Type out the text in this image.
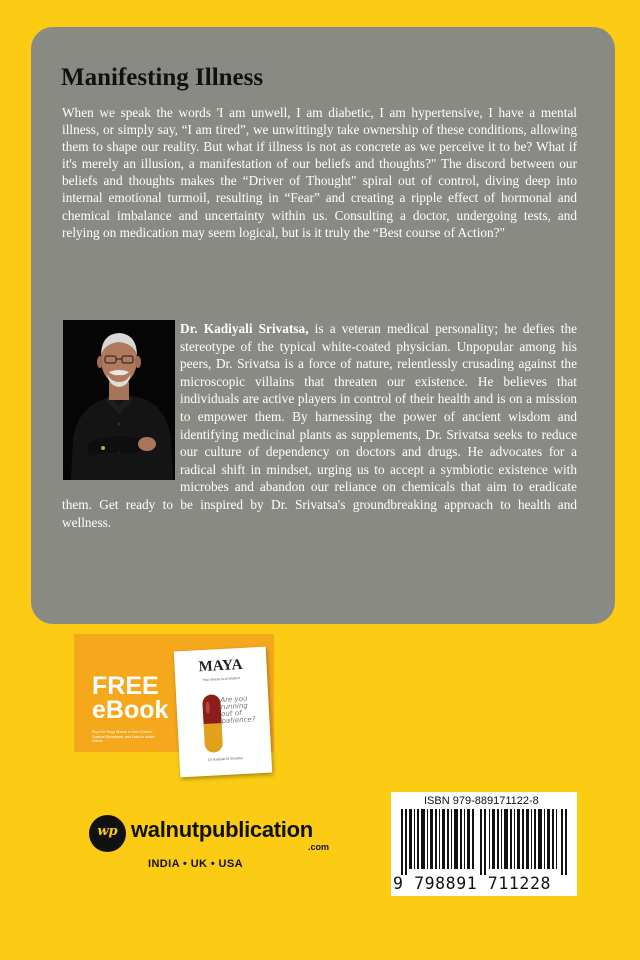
Manifesting Illness

When we speak the words 'I am unwell, I am diabetic, I am hypertensive, I have a mental illness, or simply say, “I am tired”, we unwittingly take ownership of these conditions, allowing them to shape our reality. But what if illness is not as concrete as we perceive it to be? What if it's merely an illusion, a manifestation of our beliefs and thoughts?" The discord between our beliefs and thoughts makes the “Driver of Thought" spiral out of control, diving deep into internal emotional turmoil, resulting in “Fear” and creating a ripple effect of hormonal and chemical imbalance and uncertainty within us. Consulting a doctor, undergoing tests, and relying on medication may seem logical, but is it truly the “Best course of Action?"

Dr. Kadiyali Srivatsa, is a veteran medical personality; he defies the stereotype of the typical white-coated physician. Unpopular among his peers, Dr. Srivatsa is a force of nature, relentlessly crusading against the microscopic villains that threaten our existence. He believes that individuals are active players in control of their health and is on a mission to empower them. By harnessing the power of ancient wisdom and identifying medicinal plants as supplements, Dr. Srivatsa seeks to reduce our culture of dependency on doctors and drugs. He advocates for a radical shift in mindset, urging us to accept a symbiotic existence with microbes and abandon our reliance on chemicals that aim to eradicate them. Get ready to be inspired by Dr. Srivatsa's groundbreaking approach to health and wellness.

FREE
eBook

Stop the Maya illusion to take Control-Gradual Symptoms, and Links to watch Videos

MAYA

Your illness is an illusion

Are you running out of patience?

Dr Kadiyali M Srivatsa

wp walnutpublication

.com

INDIA • UK • USA

ISBN 979-889171122-8

9 798891 711228
